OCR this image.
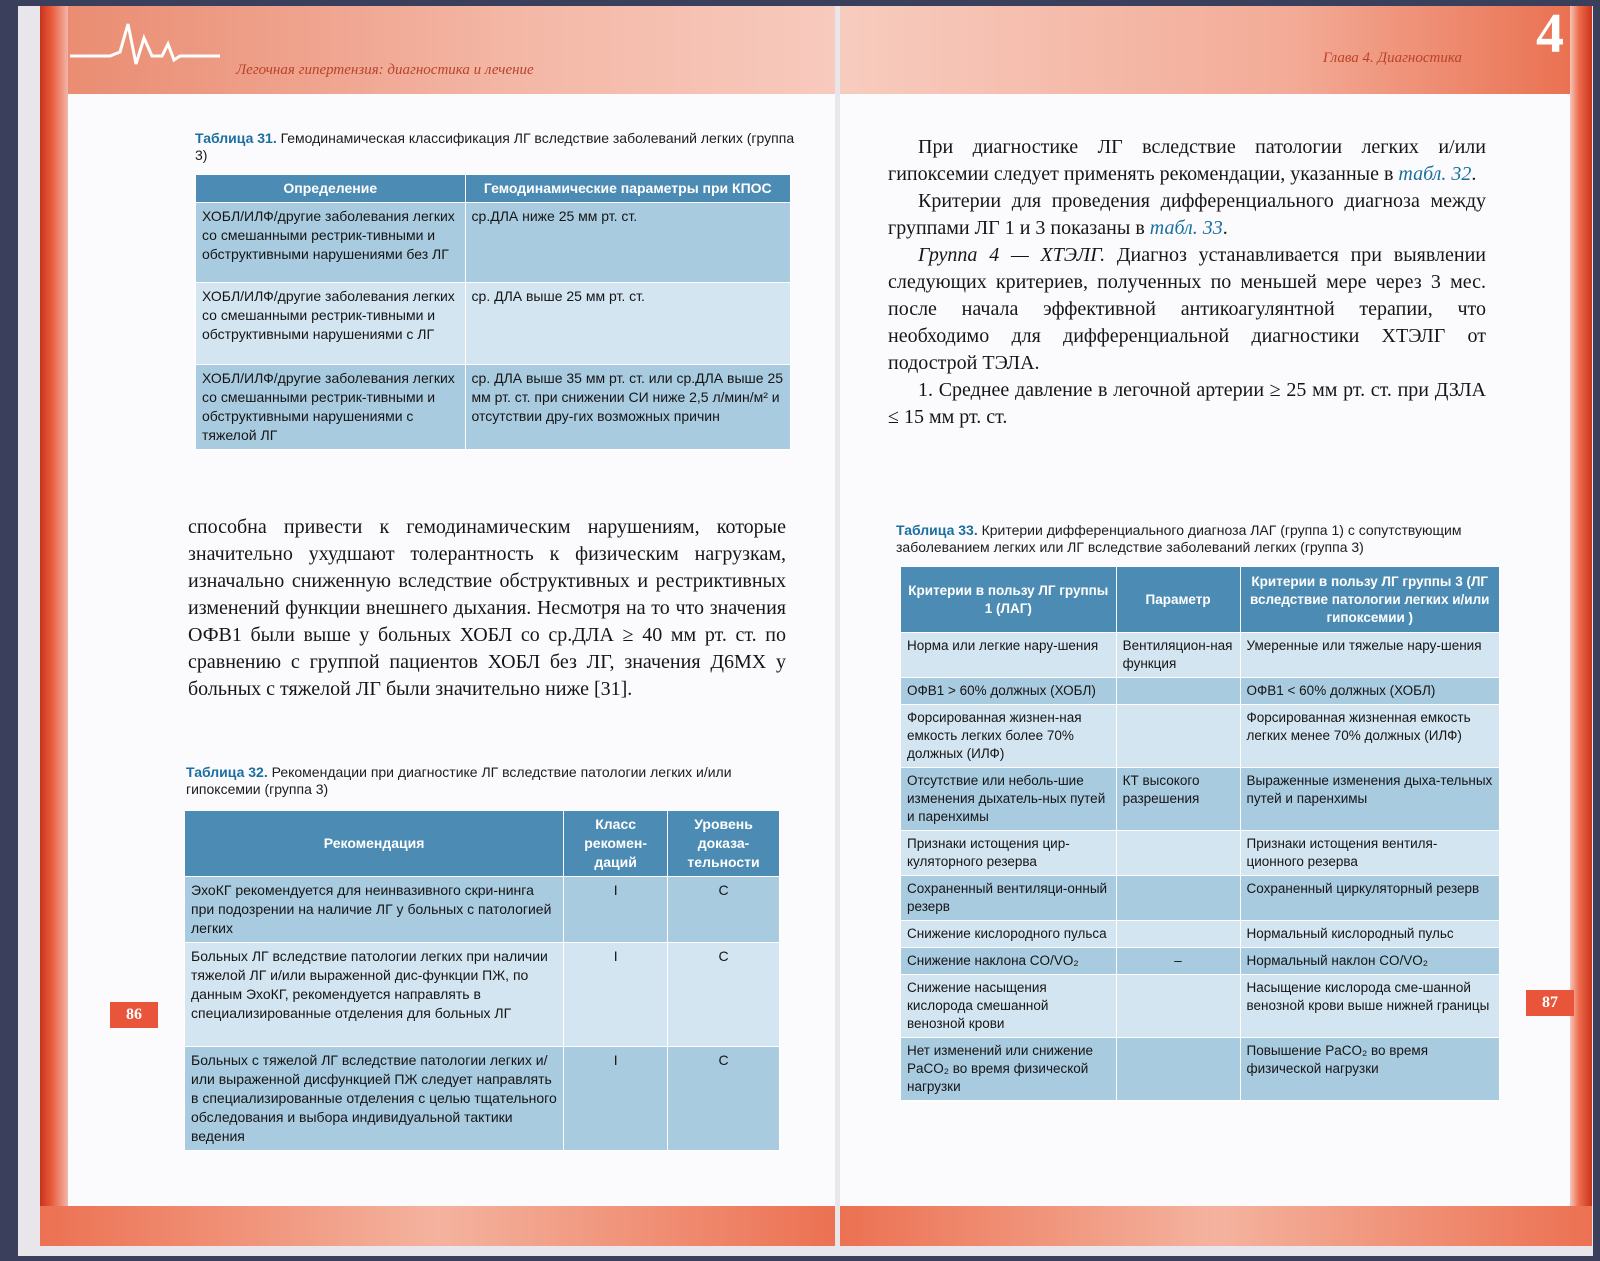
Легочная гипертензия: диагностика и лечение
Таблица 31. Гемодинамическая классификация ЛГ вследствие заболеваний легких (группа 3)
Определение	Гемодинамические параметры при КПОС
ХОБЛ/ИЛФ/другие заболевания легких со смешанными рестрик-тивными и обструктивными нарушениями без ЛГ	ср.ДЛА ниже 25 мм рт. ст.
ХОБЛ/ИЛФ/другие заболевания легких со смешанными рестрик-тивными и обструктивными нарушениями с ЛГ	ср. ДЛА выше 25 мм рт. ст.
ХОБЛ/ИЛФ/другие заболевания легких со смешанными рестрик-тивными и обструктивными нарушениями с тяжелой ЛГ	ср. ДЛА выше 35 мм рт. ст. или ср.ДЛА выше 25 мм рт. ст. при снижении СИ ниже 2,5 л/мин/м² и отсутствии дру-гих возможных причин

способна привести к гемодинамическим нарушениям, которые значительно ухудшают толерантность к физическим нагрузкам, изначально сниженную вследствие обструктивных и рестриктивных изменений функции внешнего дыхания. Несмотря на то что значения ОФВ1 были выше у больных ХОБЛ со ср.ДЛА ≥ 40 мм рт. ст. по сравнению с группой пациентов ХОБЛ без ЛГ, значения Д6МХ у больных с тяжелой ЛГ были значительно ниже [31].

Таблица 32. Рекомендации при диагностике ЛГ вследствие патологии легких и/или гипоксемии (группа 3)
Рекомендация	Класс рекомен-даций	Уровень доказа-тельности
ЭхоКГ рекомендуется для неинвазивного скри-нинга при подозрении на наличие ЛГ у больных с патологией легких	I	C
Больных ЛГ вследствие патологии легких при наличии тяжелой ЛГ и/или выраженной дис-функции ПЖ, по данным ЭхоКГ, рекомендуется направлять в специализированные отделения для больных ЛГ	I	C
Больных с тяжелой ЛГ вследствие патологии легких и/или выраженной дисфункцией ПЖ следует направлять в специализированные отделения с целью тщательного обследования и выбора индивидуальной тактики ведения	I	C
86
Глава 4. Диагностика 4

При диагностике ЛГ вследствие патологии легких и/или гипоксемии следует применять рекомендации, указанные в табл. 32.

Критерии для проведения дифференциального диагноза между группами ЛГ 1 и 3 показаны в табл. 33.

Группа 4 — ХТЭЛГ. Диагноз устанавливается при выявлении следующих критериев, полученных по меньшей мере через 3 мес. после начала эффективной антикоагулянтной терапии, что необходимо для дифференциальной диагностики ХТЭЛГ от подострой ТЭЛА.

1. Среднее давление в легочной артерии ≥ 25 мм рт. ст. при ДЗЛА ≤ 15 мм рт. ст.

Таблица 33. Критерии дифференциального диагноза ЛАГ (группа 1) с сопутствующим заболеванием легких или ЛГ вследствие заболеваний легких (группа 3)
Критерии в пользу ЛГ группы 1 (ЛАГ)	Параметр	Критерии в пользу ЛГ группы 3 (ЛГ вследствие патологии легких и/или гипоксемии )
Норма или легкие нару-шения	Вентиляцион-ная функция	Умеренные или тяжелые нару-шения
ОФВ1 > 60% должных (ХОБЛ)		ОФВ1 < 60% должных (ХОБЛ)
Форсированная жизнен-ная емкость легких более 70% должных (ИЛФ)		Форсированная жизненная емкость легких менее 70% должных (ИЛФ)
Отсутствие или неболь-шие изменения дыхатель-ных путей и паренхимы	КТ высокого разрешения	Выраженные изменения дыха-тельных путей и паренхимы
Признаки истощения цир-куляторного резерва		Признаки истощения вентиля-ционного резерва
Сохраненный вентиляци-онный резерв		Сохраненный циркуляторный резерв
Снижение кислородного пульса		Нормальный кислородный пульс
Снижение наклона CO/VO₂	–	Нормальный наклон CO/VO₂
Снижение насыщения кислорода смешанной венозной крови		Насыщение кислорода сме-шанной венозной крови выше нижней границы
Нет изменений или снижение PaCO₂ во время физической нагрузки		Повышение PaCO₂ во время физической нагрузки
87
